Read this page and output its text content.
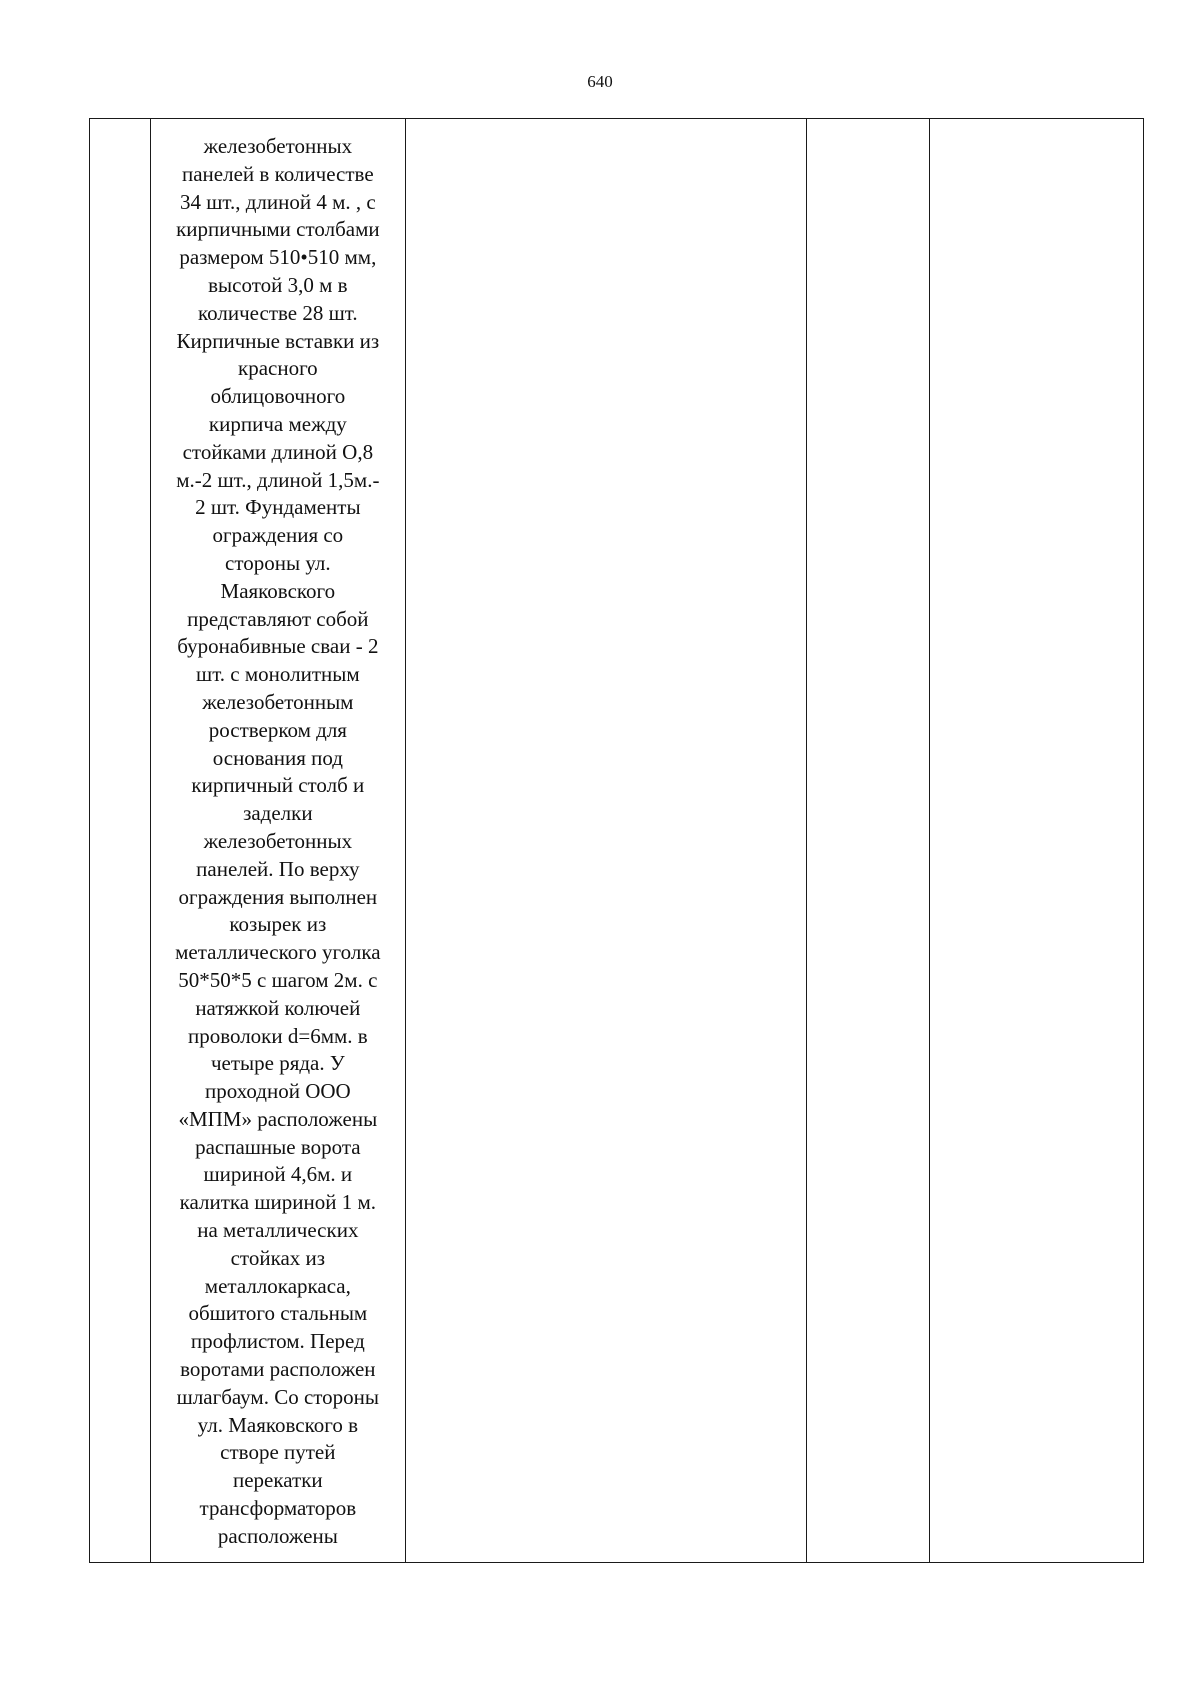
640

железобетонных
панелей в количестве
34 шт., длиной 4 м. , с
кирпичными столбами
размером 510•510 мм,
высотой 3,0 м в
количестве 28 шт.
Кирпичные вставки из
красного
облицовочного
кирпича между
стойками длиной О,8
м.-2 шт., длиной 1,5м.-
2 шт. Фундаменты
ограждения со
стороны ул.
Маяковского
представляют собой
буронабивные сваи - 2
шт. с монолитным
железобетонным
ростверком для
основания под
кирпичный столб и
заделки
железобетонных
панелей. По верху
ограждения выполнен
козырек из
металлического уголка
50*50*5 с шагом 2м. с
натяжкой колючей
проволоки d=6мм. в
четыре ряда. У
проходной ООО
«МПМ» расположены
распашные ворота
шириной 4,6м. и
калитка шириной 1 м.
на металлических
стойках из
металлокаркаса,
обшитого стальным
профлистом. Перед
воротами расположен
шлагбаум. Со стороны
ул. Маяковского в
створе путей
перекатки
трансформаторов
расположены
